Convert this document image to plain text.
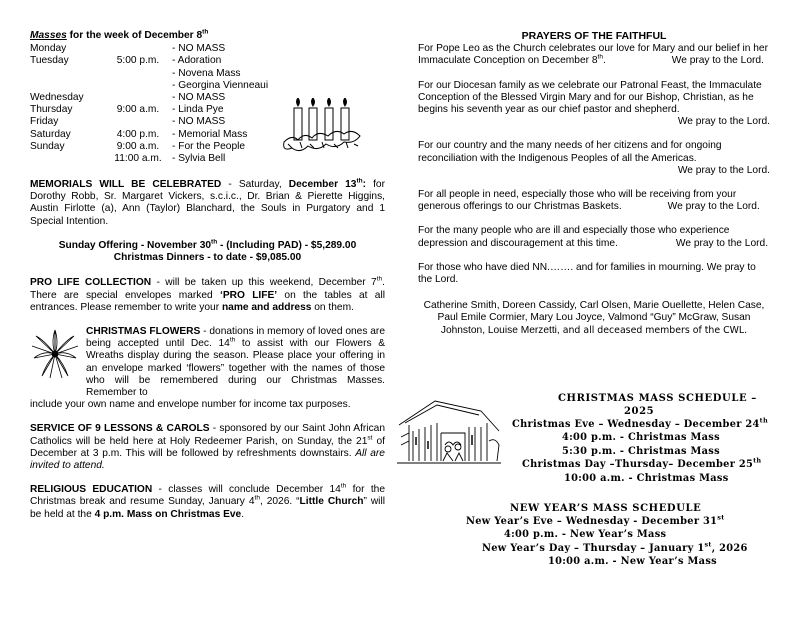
Masses for the week of December 8th

Monday	- NO MASS
Tuesday	5:00 p.m.	- Adoration
- Novena Mass
- Georgina Vienneaui
Wednesday	- NO MASS
Thursday	9:00 a.m.	- Linda Pye
Friday	- NO MASS
Saturday	4:00 p.m.	- Memorial Mass
Sunday	9:00 a.m.	- For the People
11:00 a.m.	- Sylvia Bell

MEMORIALS WILL BE CELEBRATED - Saturday, December 13th: for Dorothy Robb, Sr. Margaret Vickers, s.c.i.c., Dr. Brian & Pierette Higgins, Austin Firlotte (a), Ann (Taylor) Blanchard, the Souls in Purgatory and 1 Special Intention.

Sunday Offering - November 30th - (Including PAD) - $5,289.00

Christmas Dinners - to date - $9,085.00

PRO LIFE COLLECTION - will be taken up this weekend, December 7th. There are special envelopes marked ‘PRO LIFE’ on the tables at all entrances. Please remember to write your name and address on them.

CHRISTMAS FLOWERS - donations in memory of loved ones are being accepted until Dec. 14th to assist with our Flowers & Wreaths display during the season. Please place your offering in an envelope marked ‘flowers” together with the names of those who will be remembered during our Christmas Masses. Remember to

include your own name and envelope number for income tax purposes.

SERVICE OF 9 LESSONS & CAROLS - sponsored by our Saint John African Catholics will be held here at Holy Redeemer Parish, on Sunday, the 21st of December at 3 p.m. This will be followed by refreshments downstairs. All are invited to attend.

RELIGIOUS EDUCATION - classes will conclude December 14th for the Christmas break and resume Sunday, January 4th, 2026. “Little Church” will be held at the 4 p.m. Mass on Christmas Eve.

PRAYERS OF THE FAITHFUL

For Pope Leo as the Church celebrates our love for Mary and our belief in her Immaculate Conception on December 8th.	We pray to the Lord.

For our Diocesan family as we celebrate our Patronal Feast, the Immaculate Conception of the Blessed Virgin Mary and for our Bishop, Christian, as he begins his seventh year as our chief pastor and shepherd.

We pray to the Lord.

For our country and the many needs of her citizens and for ongoing reconciliation with the Indigenous Peoples of all the Americas.

We pray to the Lord.

For all people in need, especially those who will be receiving from your generous offerings to our Christmas Baskets.	We pray to the Lord.

For the many people who are ill and especially those who experience depression and discouragement at this time.	We pray to the Lord.

For those who have died NN.……. and for families in mourning. We pray to the Lord.

Catherine Smith, Doreen Cassidy, Carl Olsen, Marie Ouellette, Helen Case, Paul Emile Cormier, Mary Lou Joyce, Valmond “Guy” McGraw, Susan Johnston, Louise Merzetti, and all deceased members of the CWL.

CHRISTMAS MASS SCHEDULE –

2025

Christmas Eve – Wednesday – December 24th

4:00 p.m. - Christmas Mass

5:30 p.m. - Christmas Mass

Christmas Day –Thursday– December 25th

10:00 a.m. - Christmas Mass

NEW YEAR’S MASS SCHEDULE

New Year’s Eve – Wednesday - December 31st

4:00 p.m. - New Year’s Mass

New Year’s Day – Thursday – January 1st, 2026

10:00 a.m. - New Year’s Mass
